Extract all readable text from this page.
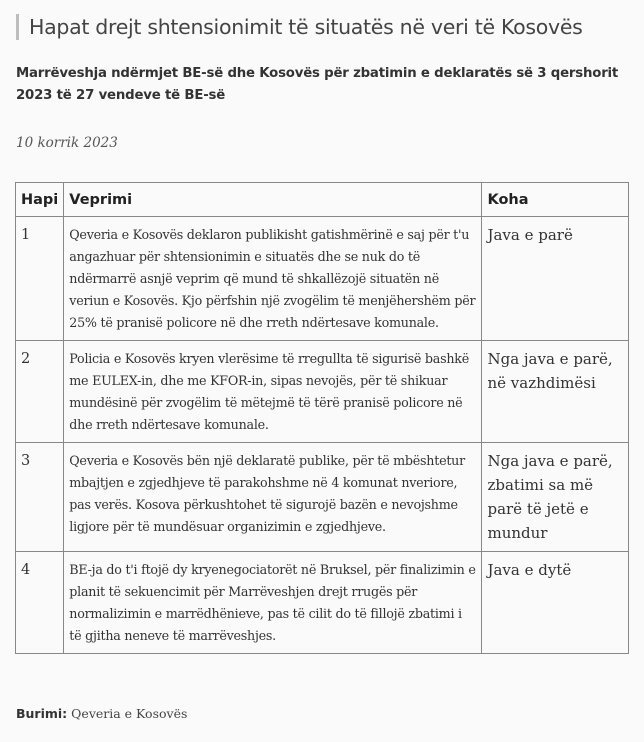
Hapat drejt shtensionimit të situatës në veri të Kosovës
Marrëveshja ndërmjet BE-së dhe Kosovës për zbatimin e deklaratës së 3 qershorit 2023 të 27 vendeve të BE-së
10 korrik 2023
Hapi	Veprimi	Koha
1	Qeveria e Kosovës deklaron publikisht gatishmërinë e saj për t'u angazhuar për shtensionimin e situatës dhe se nuk do të ndërmarrë asnjë veprim që mund të shkallëzojë situatën në veriun e Kosovës. Kjo përfshin një zvogëlim të menjëhershëm për 25% të pranisë policore në dhe rreth ndërtesave komunale.	Java e parë
2	Policia e Kosovës kryen vlerësime të rregullta të sigurisë bashkë me EULEX-in, dhe me KFOR-in, sipas nevojës, për të shikuar mundësinë për zvogëlim të mëtejmë të tërë pranisë policore në dhe rreth ndërtesave komunale.	Nga java e parë, në vazhdimësi
3	Qeveria e Kosovës bën një deklaratë publike, për të mbështetur mbajtjen e zgjedhjeve të parakohshme në 4 komunat nveriore, pas verës. Kosova përkushtohet të sigurojë bazën e nevojshme ligjore për të mundësuar organizimin e zgjedhjeve.	Nga java e parë, zbatimi sa më parë të jetë e mundur
4	BE-ja do t'i ftojë dy kryenegociatorët në Bruksel, për finalizimin e planit të sekuencimit për Marrëveshjen drejt rrugës për normalizimin e marrëdhënieve, pas të cilit do të fillojë zbatimi i të gjitha neneve të marrëveshjes.	Java e dytë
Burimi: Qeveria e Kosovës
